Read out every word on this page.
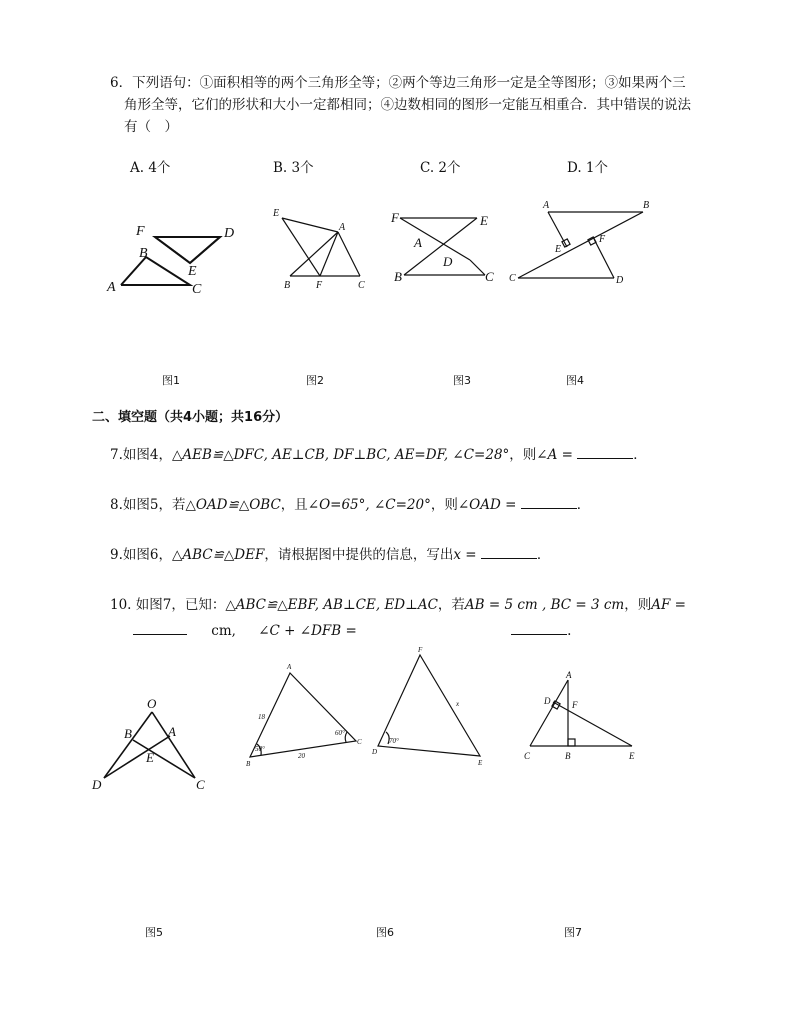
6．下列语句：①面积相等的两个三角形全等；②两个等边三角形一定是全等图形；③如果两个三
角形全等，它们的形状和大小一定都相同；④边数相同的图形一定能互相重合．其中错误的说法
有（　）
A. 4个	B. 3个	C. 2个	D. 1个
F	D
B
E
A	C
E
A
B	F	C
F	E
A
D
B	C
A	B
E
F
C	D
图1	图2	图3	图4
二、填空题（共4小题；共16分）
7.如图4，△AEB≌△DFC, AE⊥CB, DF⊥BC, AE=DF, ∠C=28°，则∠A =	．
8.如图5，若△OAD≌△OBC，且∠O=65°, ∠C=20°，则∠OAD =	．
9.如图6，△ABC≌△DEF，请根据图中提供的信息，写出x =	．
10. 如图7，已知：△ABC≌△EBF, AB⊥CE, ED⊥AC，若AB = 5 cm , BC = 3 cm，则AF =
cm, ∠C + ∠DFB =	.
O
B	A
E
D	C
A
18
50°
60°
C
B
20
F
x
70°
D
E
A
D F
C	B	E
图5	图6	图7
